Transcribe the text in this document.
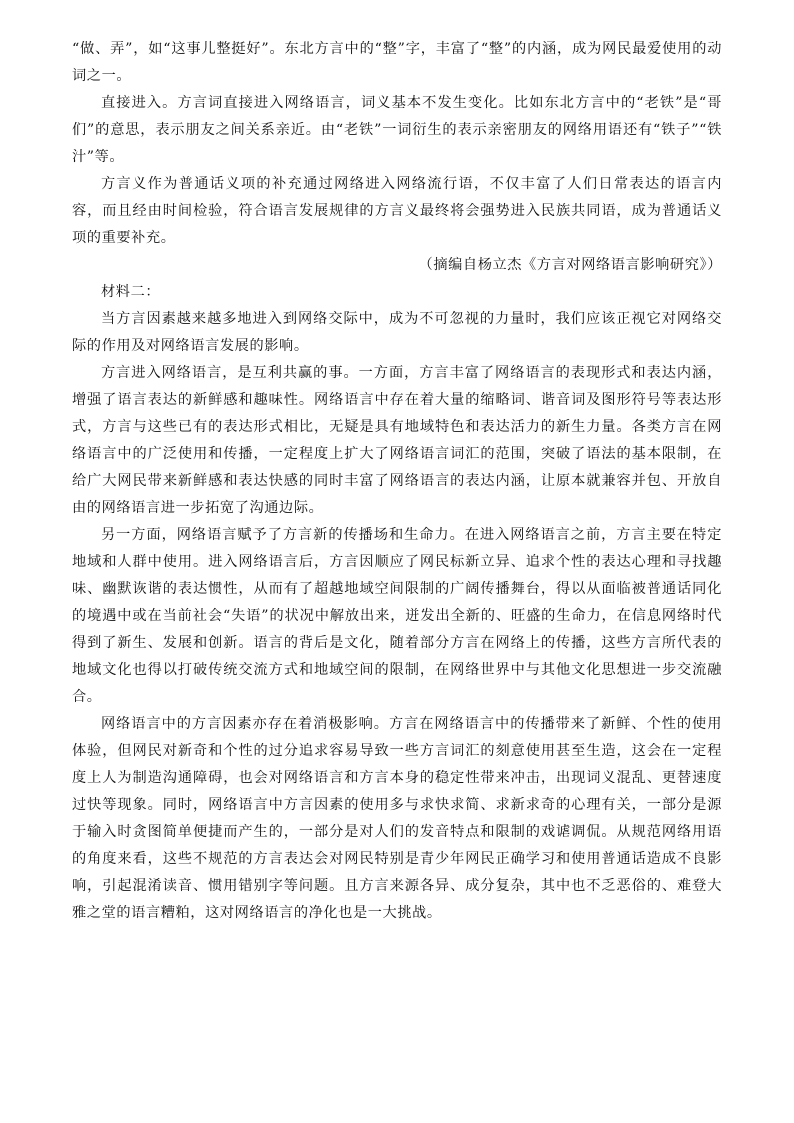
“做、弄”，如“这事儿整挺好”。东北方言中的“整”字，丰富了“整”的内涵，成为网民最爱使用的动词之一。

直接进入。方言词直接进入网络语言，词义基本不发生变化。比如东北方言中的“老铁”是“哥们”的意思，表示朋友之间关系亲近。由“老铁”一词衍生的表示亲密朋友的网络用语还有“铁子”“铁汁”等。

方言义作为普通话义项的补充通过网络进入网络流行语，不仅丰富了人们日常表达的语言内容，而且经由时间检验，符合语言发展规律的方言义最终将会强势进入民族共同语，成为普通话义项的重要补充。

（摘编自杨立杰《方言对网络语言影响研究》）

材料二：

当方言因素越来越多地进入到网络交际中，成为不可忽视的力量时，我们应该正视它对网络交际的作用及对网络语言发展的影响。

方言进入网络语言，是互利共赢的事。一方面，方言丰富了网络语言的表现形式和表达内涵，增强了语言表达的新鲜感和趣味性。网络语言中存在着大量的缩略词、谐音词及图形符号等表达形式，方言与这些已有的表达形式相比，无疑是具有地域特色和表达活力的新生力量。各类方言在网络语言中的广泛使用和传播，一定程度上扩大了网络语言词汇的范围，突破了语法的基本限制，在给广大网民带来新鲜感和表达快感的同时丰富了网络语言的表达内涵，让原本就兼容并包、开放自由的网络语言进一步拓宽了沟通边际。

另一方面，网络语言赋予了方言新的传播场和生命力。在进入网络语言之前，方言主要在特定地域和人群中使用。进入网络语言后，方言因顺应了网民标新立异、追求个性的表达心理和寻找趣味、幽默诙谐的表达惯性，从而有了超越地域空间限制的广阔传播舞台，得以从面临被普通话同化的境遇中或在当前社会“失语”的状况中解放出来，迸发出全新的、旺盛的生命力，在信息网络时代得到了新生、发展和创新。语言的背后是文化，随着部分方言在网络上的传播，这些方言所代表的地域文化也得以打破传统交流方式和地域空间的限制，在网络世界中与其他文化思想进一步交流融合。

网络语言中的方言因素亦存在着消极影响。方言在网络语言中的传播带来了新鲜、个性的使用体验，但网民对新奇和个性的过分追求容易导致一些方言词汇的刻意使用甚至生造，这会在一定程度上人为制造沟通障碍，也会对网络语言和方言本身的稳定性带来冲击，出现词义混乱、更替速度过快等现象。同时，网络语言中方言因素的使用多与求快求简、求新求奇的心理有关，一部分是源于输入时贪图简单便捷而产生的，一部分是对人们的发音特点和限制的戏谑调侃。从规范网络用语的角度来看，这些不规范的方言表达会对网民特别是青少年网民正确学习和使用普通话造成不良影响，引起混淆读音、惯用错别字等问题。且方言来源各异、成分复杂，其中也不乏恶俗的、难登大雅之堂的语言糟粕，这对网络语言的净化也是一大挑战。
